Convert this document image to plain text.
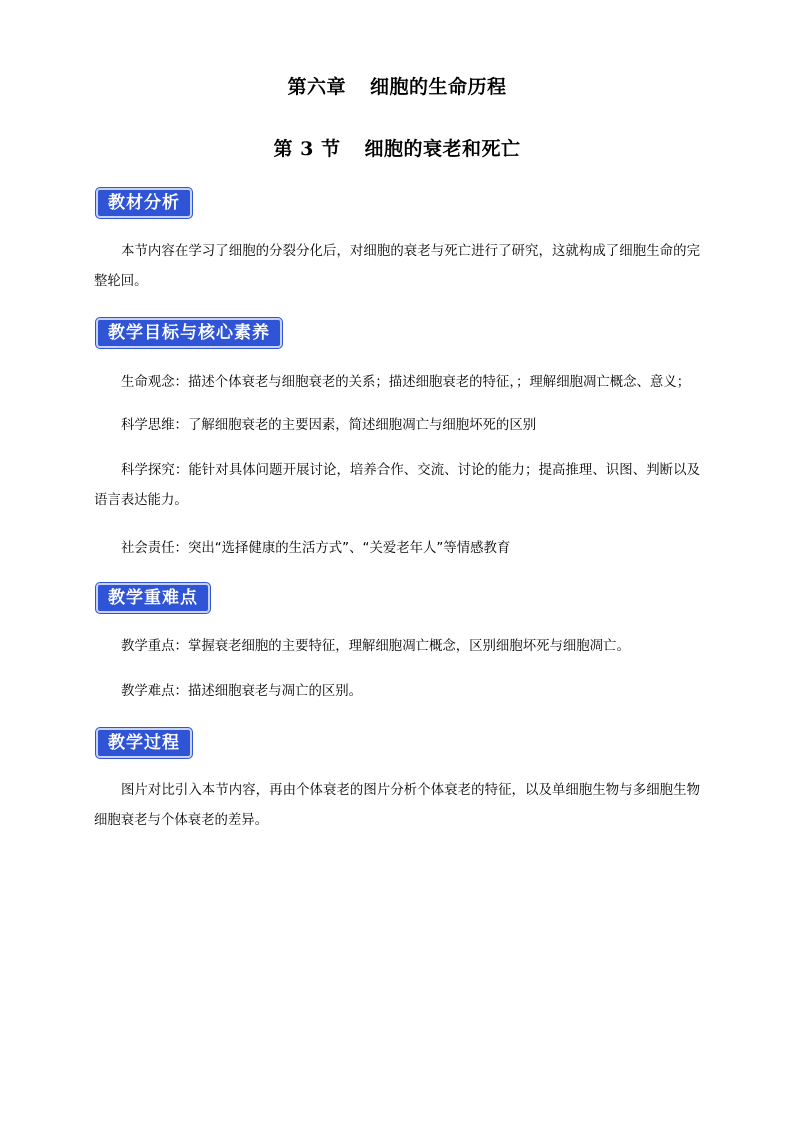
第六章 细胞的生命历程
第 3 节 细胞的衰老和死亡
教材分析
本节内容在学习了细胞的分裂分化后，对细胞的衰老与死亡进行了研究，这就构成了细胞生命的完整轮回。
教学目标与核心素养
生命观念：描述个体衰老与细胞衰老的关系；描述细胞衰老的特征，；理解细胞凋亡概念、意义；
科学思维：了解细胞衰老的主要因素，简述细胞凋亡与细胞坏死的区别
科学探究：能针对具体问题开展讨论，培养合作、交流、讨论的能力；提高推理、识图、判断以及语言表达能力。
社会责任：突出“选择健康的生活方式”、“关爱老年人”等情感教育
教学重难点
教学重点：掌握衰老细胞的主要特征，理解细胞凋亡概念，区别细胞坏死与细胞凋亡。
教学难点：描述细胞衰老与凋亡的区别。
教学过程
图片对比引入本节内容，再由个体衰老的图片分析个体衰老的特征，以及单细胞生物与多细胞生物细胞衰老与个体衰老的差异。
